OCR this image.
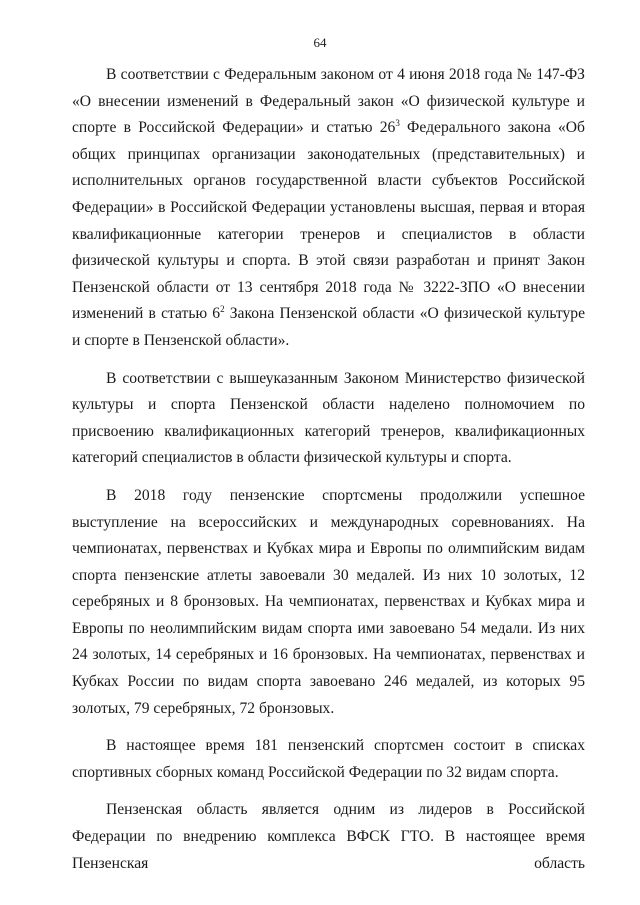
64

В соответствии с Федеральным законом от 4 июня 2018 года № 147-ФЗ «О внесении изменений в Федеральный закон «О физической культуре и спорте в Российской Федерации» и статью $26^3$ Федерального закона «Об общих принципах организации законодательных (представительных) и исполнительных органов государственной власти субъектов Российской Федерации» в Российской Федерации установлены высшая, первая и вторая квалификационные категории тренеров и специалистов в области физической культуры и спорта. В этой связи разработан и принят Закон Пензенской области от 13 сентября 2018 года № 3222-ЗПО «О внесении изменений в статью $6^2$ Закона Пензенской области «О физической культуре и спорте в Пензенской области».

В соответствии с вышеуказанным Законом Министерство физической культуры и спорта Пензенской области наделено полномочием по присвоению квалификационных категорий тренеров, квалификационных категорий специалистов в области физической культуры и спорта.

В 2018 году пензенские спортсмены продолжили успешное выступление на всероссийских и международных соревнованиях. На чемпионатах, первенствах и Кубках мира и Европы по олимпийским видам спорта пензенские атлеты завоевали 30 медалей. Из них 10 золотых, 12 серебряных и 8 бронзовых. На чемпионатах, первенствах и Кубках мира и Европы по неолимпийским видам спорта ими завоевано 54 медали. Из них 24 золотых, 14 серебряных и 16 бронзовых. На чемпионатах, первенствах и Кубках России по видам спорта завоевано 246 медалей, из которых 95 золотых, 79 серебряных, 72 бронзовых.

В настоящее время 181 пензенский спортсмен состоит в списках спортивных сборных команд Российской Федерации по 32 видам спорта.

Пензенская область является одним из лидеров в Российской Федерации по внедрению комплекса ВФСК ГТО. В настоящее время Пензенская область
